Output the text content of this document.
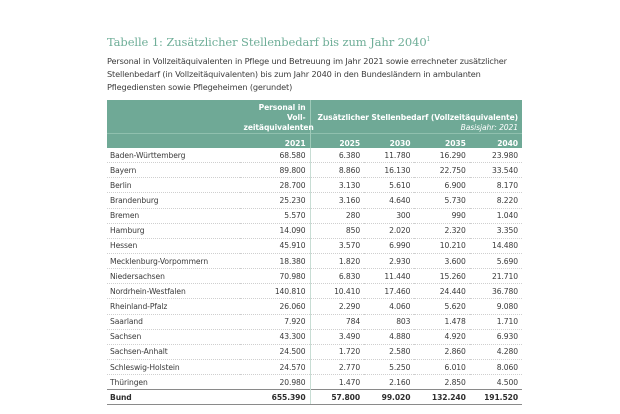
Tabelle 1: Zusätzlicher Stellenbedarf bis zum Jahr 2040$^1$
Personal in Vollzeitäquivalenten in Pflege und Betreuung im Jahr 2021 sowie errechneter zusätzlicher Stellenbedarf (in Vollzeitäquivalenten) bis zum Jahr 2040 in den Bundesländern in ambulanten Pflegediensten sowie Pflegeheimen (gerundet)
	Personal in Voll-zeitäquivalenten	Zusätzlicher Stellenbedarf (Vollzeitäquivalente)
Basisjahr: 2021			
	2021	2025	2030	2035	2040
Baden-Württemberg	68.580	6.380	11.780	16.290	23.980
Bayern	89.800	8.860	16.130	22.750	33.540
Berlin	28.700	3.130	5.610	6.900	8.170
Brandenburg	25.230	3.160	4.640	5.730	8.220
Bremen	5.570	280	300	990	1.040
Hamburg	14.090	850	2.020	2.320	3.350
Hessen	45.910	3.570	6.990	10.210	14.480
Mecklenburg-Vorpommern	18.380	1.820	2.930	3.600	5.690
Niedersachsen	70.980	6.830	11.440	15.260	21.710
Nordrhein-Westfalen	140.810	10.410	17.460	24.440	36.780
Rheinland-Pfalz	26.060	2.290	4.060	5.620	9.080
Saarland	7.920	784	803	1.478	1.710
Sachsen	43.300	3.490	4.880	4.920	6.930
Sachsen-Anhalt	24.500	1.720	2.580	2.860	4.280
Schleswig-Holstein	24.570	2.770	5.250	6.010	8.060
Thüringen	20.980	1.470	2.160	2.850	4.500
Bund	655.390	57.800	99.020	132.240	191.520
